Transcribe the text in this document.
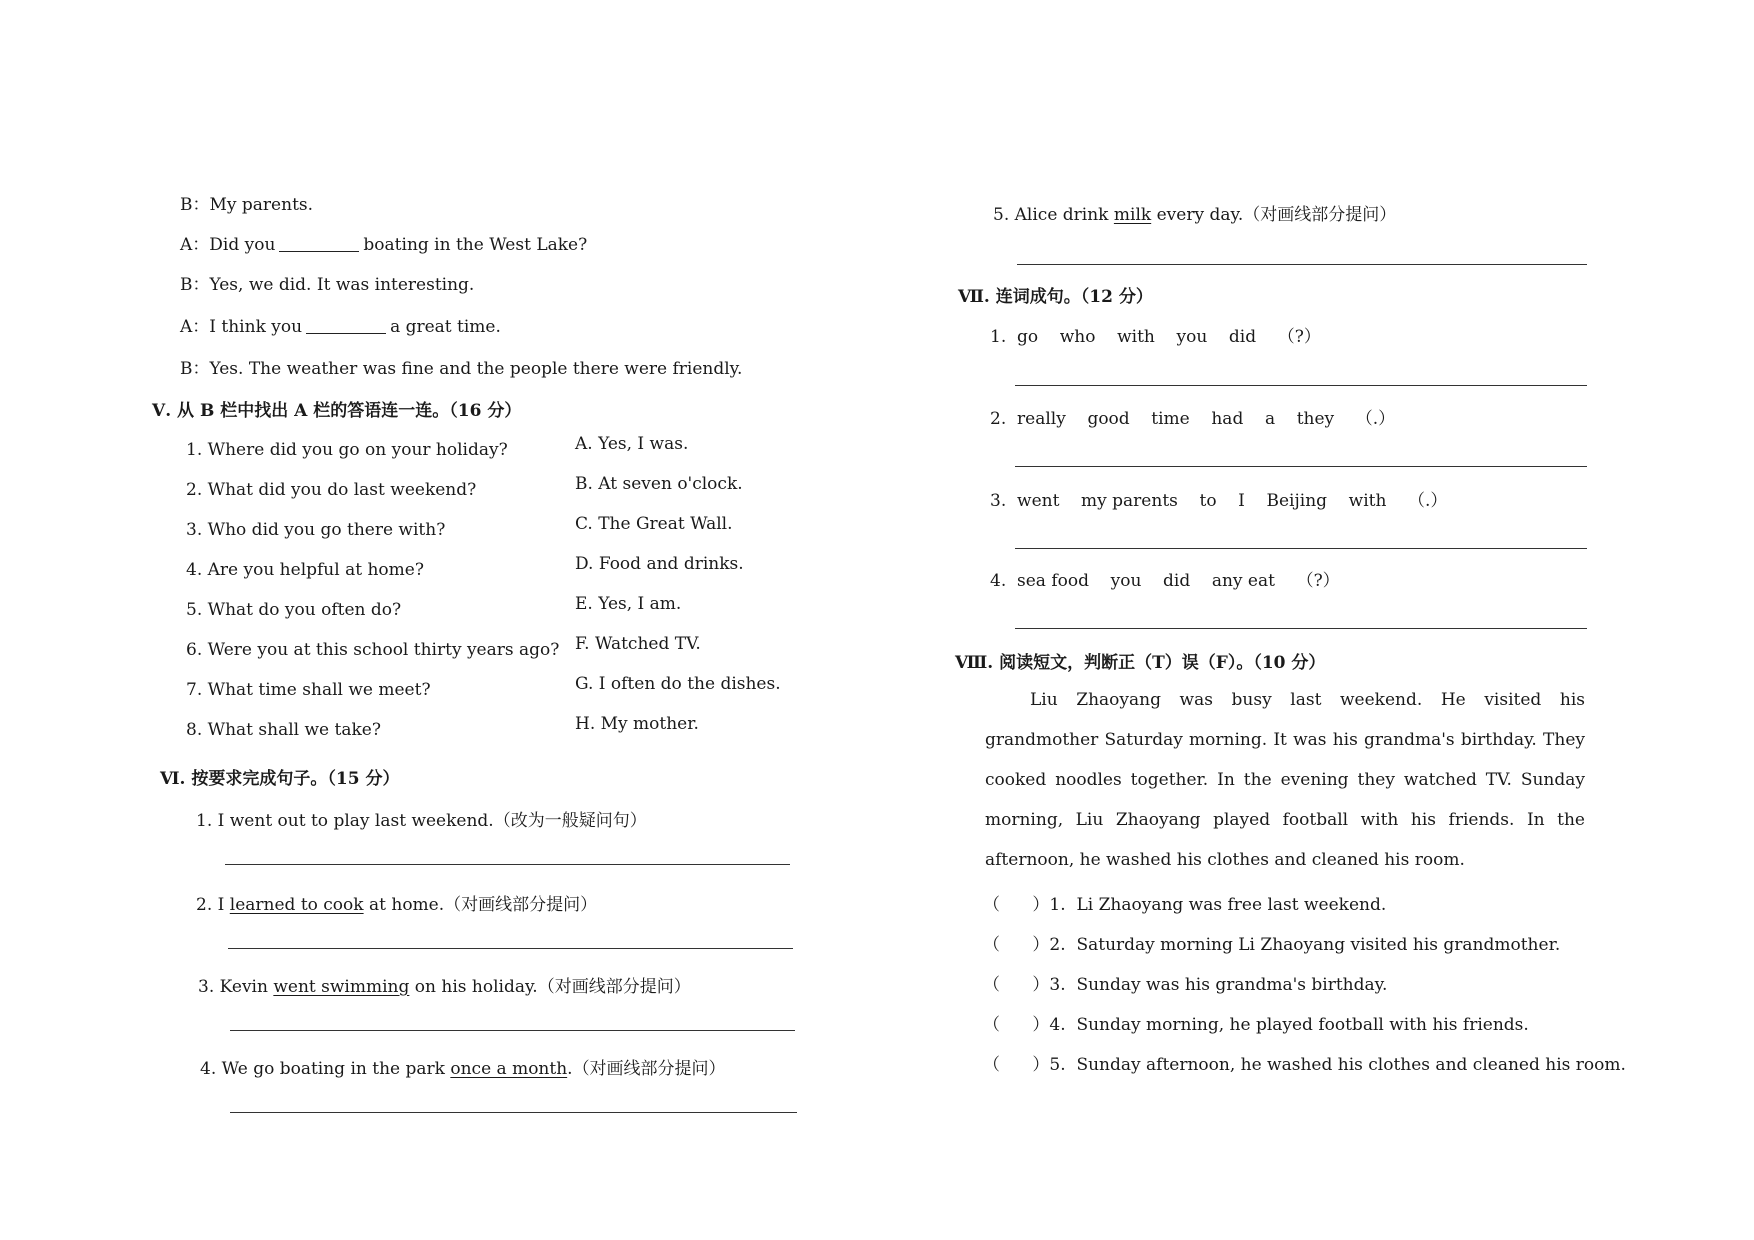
B：My parents.
A：Did you	boating in the West Lake?
B：Yes, we did. It was interesting.
A：I think you	a great time.
B：Yes. The weather was fine and the people there were friendly.
Ⅴ. 从 B 栏中找出 A 栏的答语连一连。（16 分）
1. Where did you go on your holiday?
2. What did you do last weekend?
3. Who did you go there with?
4. Are you helpful at home?
5. What do you often do?
6. Were you at this school thirty years ago?
7. What time shall we meet?
8. What shall we take?
A. Yes, I was.
B. At seven o'clock.
C. The Great Wall.
D. Food and drinks.
E. Yes, I am.
F. Watched TV.
G. I often do the dishes.
H. My mother.
Ⅵ. 按要求完成句子。（15 分）
1. I went out to play last weekend.（改为一般疑问句）
2. I learned to cook at home.（对画线部分提问）
3. Kevin went swimming on his holiday.（对画线部分提问）
4. We go boating in the park once a month.（对画线部分提问）
5. Alice drink milk every day.（对画线部分提问）
Ⅶ. 连词成句。（12 分）
1.  go    who    with    you    did    （?）
2.  really    good    time    had    a    they    （.）
3.  went    my parents    to    I    Beijing    with    （.）
4.  sea food    you    did    any eat    （?）
Ⅷ. 阅读短文，判断正（T）误（F）。（10 分）
Liu Zhaoyang was busy last weekend. He visited his grandmother Saturday morning. It was his grandma's birthday. They cooked noodles together. In the evening they watched TV. Sunday morning, Liu Zhaoyang played football with his friends. In the afternoon, he washed his clothes and cleaned his room.
（      ）1.  Li Zhaoyang was free last weekend.
（      ）2.  Saturday morning Li Zhaoyang visited his grandmother.
（      ）3.  Sunday was his grandma's birthday.
（      ）4.  Sunday morning, he played football with his friends.
（      ）5.  Sunday afternoon, he washed his clothes and cleaned his room.
